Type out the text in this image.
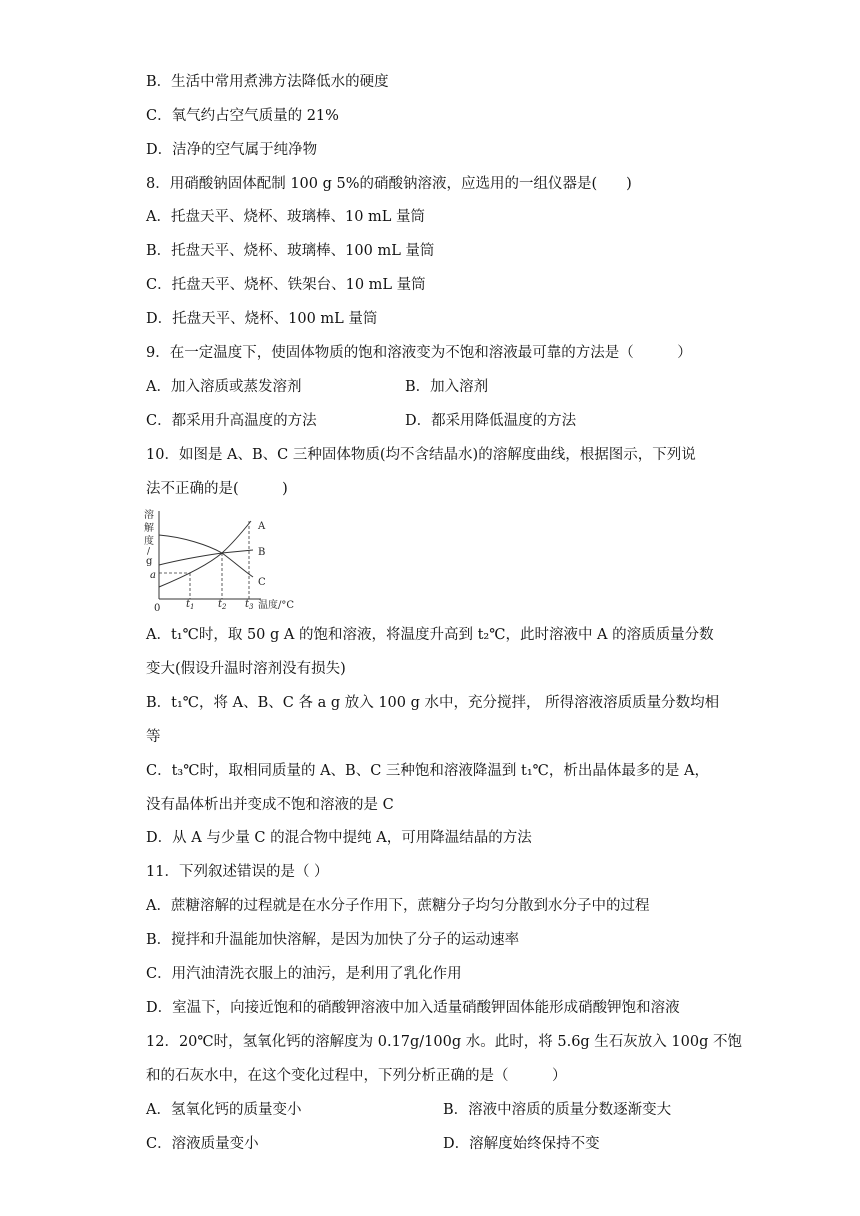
B．生活中常用煮沸方法降低水的硬度
C．氧气约占空气质量的 21%
D．洁净的空气属于纯净物
8．用硝酸钠固体配制 100 g 5%的硝酸钠溶液，应选用的一组仪器是(　　)
A．托盘天平、烧杯、玻璃棒、10 mL 量筒
B．托盘天平、烧杯、玻璃棒、100 mL 量筒
C．托盘天平、烧杯、铁架台、10 mL 量筒
D．托盘天平、烧杯、100 mL 量筒
9．在一定温度下，使固体物质的饱和溶液变为不饱和溶液最可靠的方法是（　　　）
A．加入溶质或蒸发溶剂	B．加入溶剂
C．都采用升高温度的方法	D．都采用降低温度的方法
10．如图是 A、B、C 三种固体物质(均不含结晶水)的溶解度曲线，根据图示，下列说
法不正确的是(　　　)
溶
解
度
/
g
a
0
A
B
C
$t_1$ $t_2$ $t_3$ 温度/°C
A．t₁℃时，取 50 g A 的饱和溶液，将温度升高到 t₂℃，此时溶液中 A 的溶质质量分数
变大(假设升温时溶剂没有损失)
B．t₁℃，将 A、B、C 各 a g 放入 100 g 水中，充分搅拌， 所得溶液溶质质量分数均相
等
C．t₃℃时，取相同质量的 A、B、C 三种饱和溶液降温到 t₁℃，析出晶体最多的是 A，
没有晶体析出并变成不饱和溶液的是 C
D．从 A 与少量 C 的混合物中提纯 A，可用降温结晶的方法
11．下列叙述错误的是（ ）
A．蔗糖溶解的过程就是在水分子作用下，蔗糖分子均匀分散到水分子中的过程
B．搅拌和升温能加快溶解，是因为加快了分子的运动速率
C．用汽油清洗衣服上的油污，是利用了乳化作用
D．室温下，向接近饱和的硝酸钾溶液中加入适量硝酸钾固体能形成硝酸钾饱和溶液
12．20℃时，氢氧化钙的溶解度为 0.17g/100g 水。此时，将 5.6g 生石灰放入 100g 不饱
和的石灰水中，在这个变化过程中，下列分析正确的是（　　　）
A．氢氧化钙的质量变小	B．溶液中溶质的质量分数逐渐变大
C．溶液质量变小	D．溶解度始终保持不变
